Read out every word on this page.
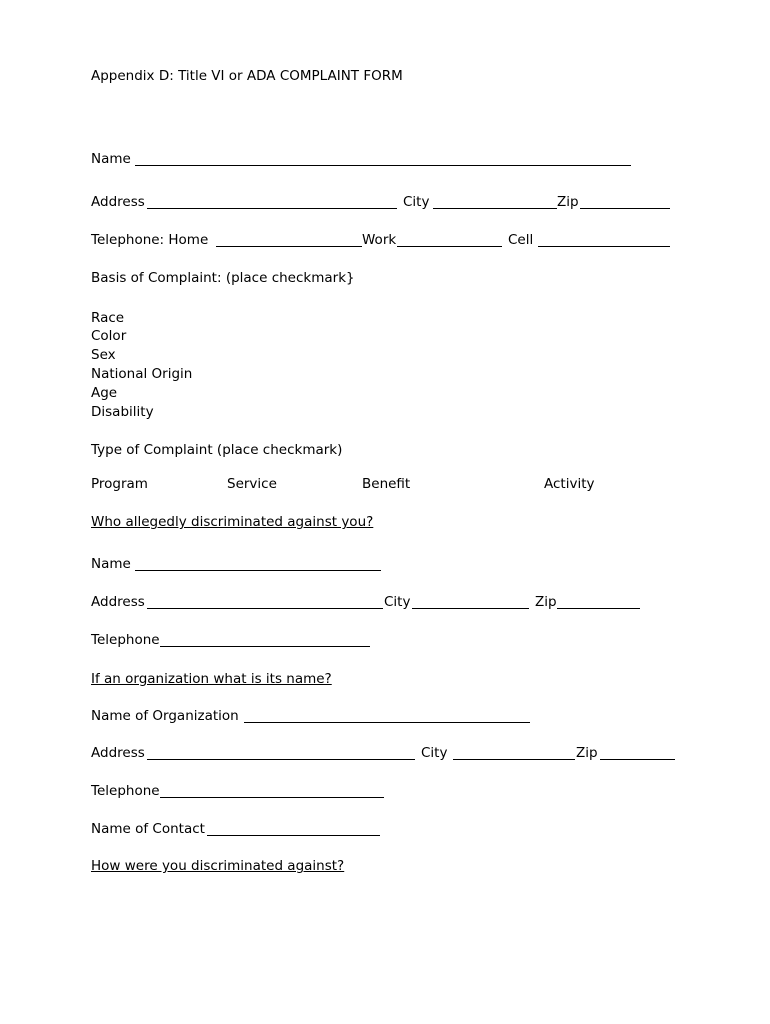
Appendix D: Title VI or ADA COMPLAINT FORM
Name
Address	City	Zip
Telephone: Home	Work	Cell
Basis of Complaint: (place checkmark}
Race
Color
Sex
National Origin
Age
Disability
Type of Complaint (place checkmark)
Program	Service	Benefit	Activity
Who allegedly discriminated against you?
Name
Address	City	Zip
Telephone
If an organization what is its name?
Name of Organization
Address	City	Zip
Telephone
Name of Contact
How were you discriminated against?
